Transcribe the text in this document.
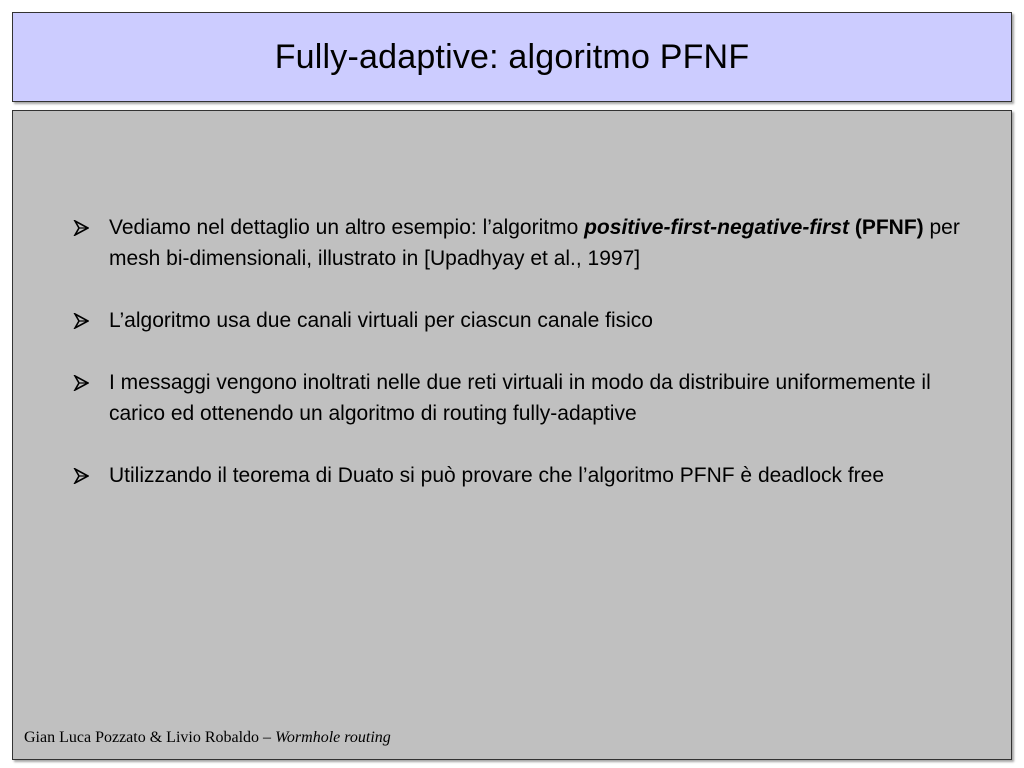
Fully-adaptive: algoritmo PFNF
Vediamo nel dettaglio un altro esempio: l’algoritmo positive-first-negative-first (PFNF) per mesh bi-dimensionali, illustrato in [Upadhyay et al., 1997]
L’algoritmo usa due canali virtuali per ciascun canale fisico
I messaggi vengono inoltrati nelle due reti virtuali in modo da distribuire uniformemente il carico ed ottenendo un algoritmo di routing fully-adaptive
Utilizzando il teorema di Duato si può provare che l’algoritmo PFNF è deadlock free
Gian Luca Pozzato & Livio Robaldo – Wormhole routing
